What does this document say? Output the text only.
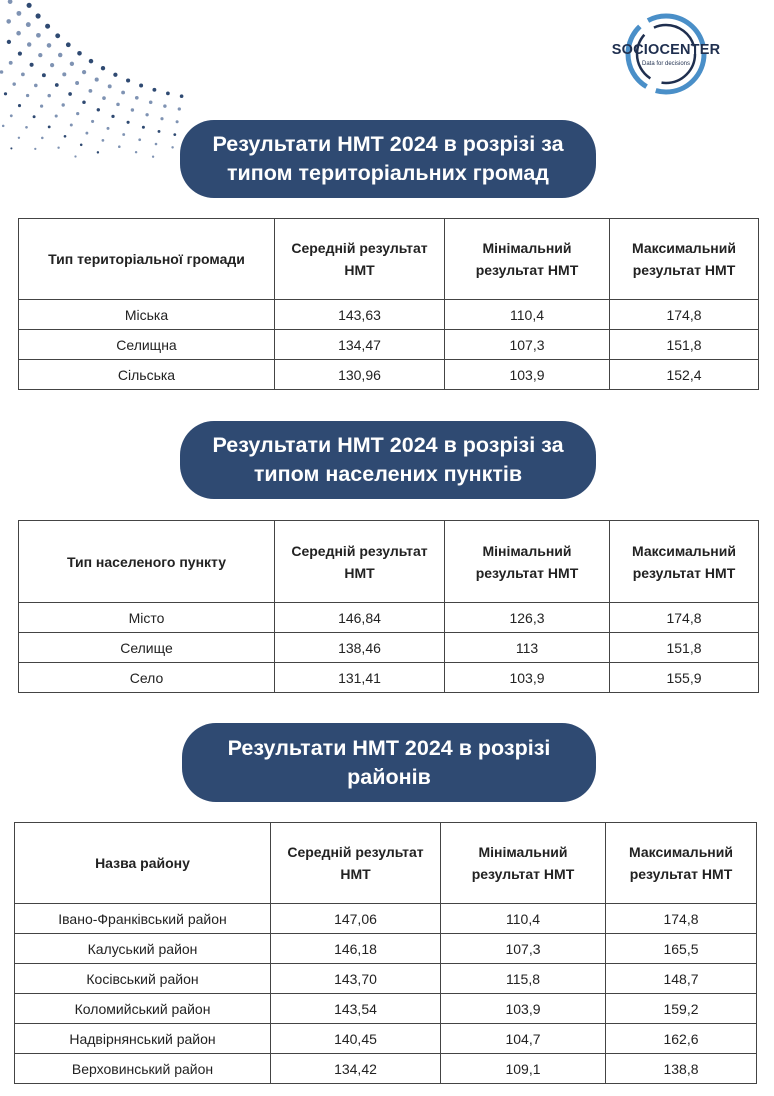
SOCIOCENTER
Data for decisions
Результати НМТ 2024 в розрізі за
типом територіальних громад
Тип територіальної громади	Середній результат НМТ	Мінімальний результат НМТ	Максимальний результат НМТ
Міська	143,63	110,4	174,8
Селищна	134,47	107,3	151,8
Сільська	130,96	103,9	152,4
Результати НМТ 2024 в розрізі за
типом населених пунктів
Тип населеного пункту	Середній результат НМТ	Мінімальний результат НМТ	Максимальний результат НМТ
Місто	146,84	126,3	174,8
Селище	138,46	113	151,8
Село	131,41	103,9	155,9
Результати НМТ 2024 в розрізі
районів
Назва району	Середній результат НМТ	Мінімальний результат НМТ	Максимальний результат НМТ
Івано-Франківський район	147,06	110,4	174,8
Калуський район	146,18	107,3	165,5
Косівський район	143,70	115,8	148,7
Коломийський район	143,54	103,9	159,2
Надвірнянський район	140,45	104,7	162,6
Верховинський район	134,42	109,1	138,8
